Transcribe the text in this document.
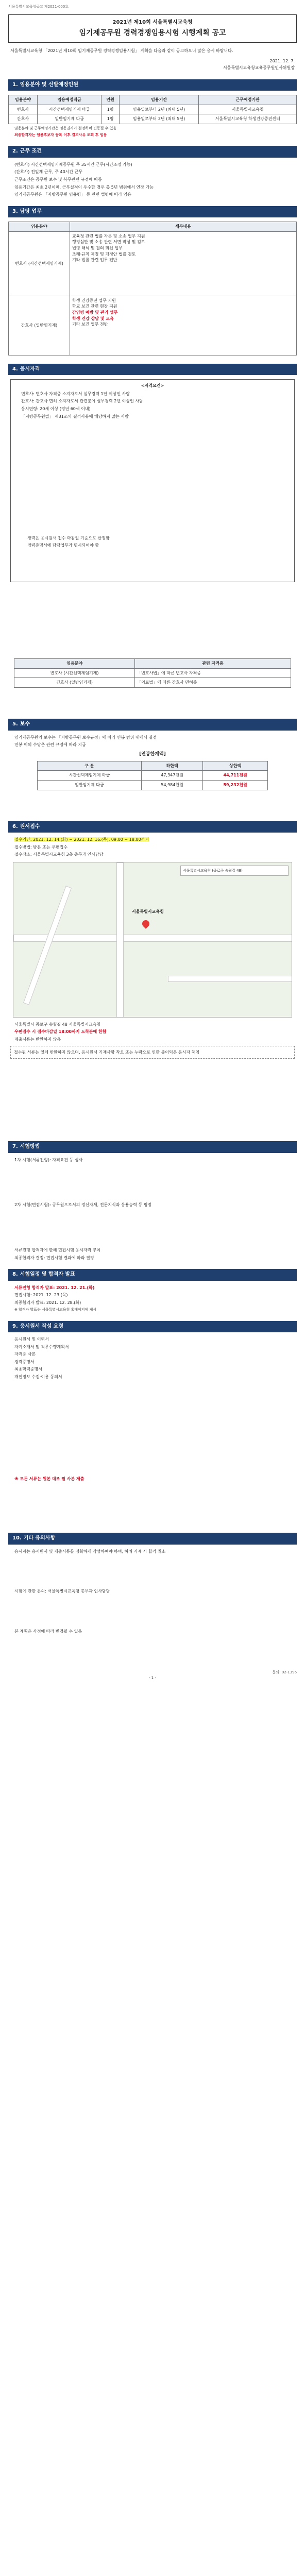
서울특별시교육청공고 제2021-000호
2021년 제10회 서울특별시교육청
임기제공무원 경력경쟁임용시험 시행계획 공고
서울특별시교육청 「2021년 제10회 임기제공무원 경력경쟁임용시험」 계획을 다음과 같이 공고하오니 많은 응시 바랍니다.
2021. 12. 7.
서울특별시교육청교육공무원인사위원장
1. 임용분야 및 선발예정인원
임용분야	임용예정직급	인원	임용기간	근무예정기관
변호사	시간선택제임기제 마급	1명	임용일로부터 2년 (최대 5년)	서울특별시교육청
간호사	일반임기제 다급	1명	임용일로부터 2년 (최대 5년)	서울특별시교육청 학생건강증진센터
임용분야 및 근무예정기관은 임용권자가 결정하며 변동될 수 있음
최종합격자는 임용후보자 등록 이후 결격사유 조회 후 임용
2. 근무 조건
(변호사) 시간선택제임기제공무원 주 35시간 근무(시간조정 가능)
(간호사) 전일제 근무, 주 40시간 근무
근무조건은 공무원 보수 및 복무관련 규정에 따름
임용기간은 최초 2년이며, 근무실적이 우수한 경우 총 5년 범위에서 연장 가능
임기제공무원은 「지방공무원 임용령」 등 관련 법령에 따라 임용
3. 담당 업무
임용분야	세부내용
변호사 (시간선택제임기제)	교육청 관련 법률 자문 및 소송 업무 지원
행정심판 및 소송 관련 서면 작성 및 검토
법령 해석 및 질의 회신 업무
조례·규칙 제정 및 개정안 법률 검토
기타 법률 관련 업무 전반

간호사 (일반임기제)	학생 건강증진 업무 지원
학교 보건 관련 현장 지원
감염병 예방 및 관리 업무
학생 건강 상담 및 교육
기타 보건 업무 전반
4. 응시자격
<자격요건>
변호사: 변호사 자격증 소지자로서 실무경력 1년 이상인 사람
간호사: 간호사 면허 소지자로서 관련분야 실무경력 2년 이상인 사람
응시연령: 20세 이상 (정년 60세 이내)
「지방공무원법」 제31조의 결격사유에 해당하지 않는 사람
경력은 응시원서 접수 마감일 기준으로 산정함
경력증명서에 담당업무가 명시되어야 함
임용분야	관련 자격증
변호사 (시간선택제임기제)	「변호사법」에 따른 변호사 자격증
간호사 (일반임기제)	「의료법」에 따른 간호사 면허증
5. 보수
임기제공무원의 보수는 「지방공무원 보수규정」에 따라 연봉 범위 내에서 결정
연봉 이외 수당은 관련 규정에 따라 지급
[연봉한계액]
구 분	하한액	상한액
시간선택제임기제 마급	47,347천원	44,711천원
일반임기제 다급	54,984천원	59,232천원
6. 원서접수
접수기간: 2021. 12. 14.(화) ~ 2021. 12. 16.(목), 09:00 ~ 18:00까지
접수방법: 방문 또는 우편접수
접수장소: 서울특별시교육청 3층 총무과 인사담당
서울특별시교육청
서울특별시교육청 (종로구 송월길 48)
서울특별시 종로구 송월길 48 서울특별시교육청
우편접수 시 접수마감일 18:00까지 도착분에 한함
제출서류는 반환하지 않음
접수된 서류는 일체 반환하지 않으며, 응시원서 기재사항 착오 또는 누락으로 인한 불이익은 응시자 책임
7. 시험방법
1차 시험(서류전형): 자격요건 등 심사
2차 시험(면접시험): 공무원으로서의 정신자세, 전문지식과 응용능력 등 평정
서류전형 합격자에 한해 면접시험 응시자격 부여
최종합격자 결정: 면접시험 결과에 따라 결정
8. 시험일정 및 합격자 발표
서류전형 합격자 발표: 2021. 12. 21.(화)
면접시험: 2021. 12. 23.(목)
최종합격자 발표: 2021. 12. 28.(화)
※ 합격자 발표는 서울특별시교육청 홈페이지에 게시
9. 응시원서 작성 요령
응시원서 및 이력서
자기소개서 및 직무수행계획서
자격증 사본
경력증명서
최종학력증명서
개인정보 수집·이용 동의서
※ 모든 서류는 원본 대조 필 사본 제출
10. 기타 유의사항
응시자는 응시원서 및 제출서류를 정확하게 작성하여야 하며, 허위 기재 시 합격 취소
시험에 관한 문의: 서울특별시교육청 총무과 인사담당
본 계획은 사정에 따라 변경될 수 있음
문의: 02-1396
- 1 -
